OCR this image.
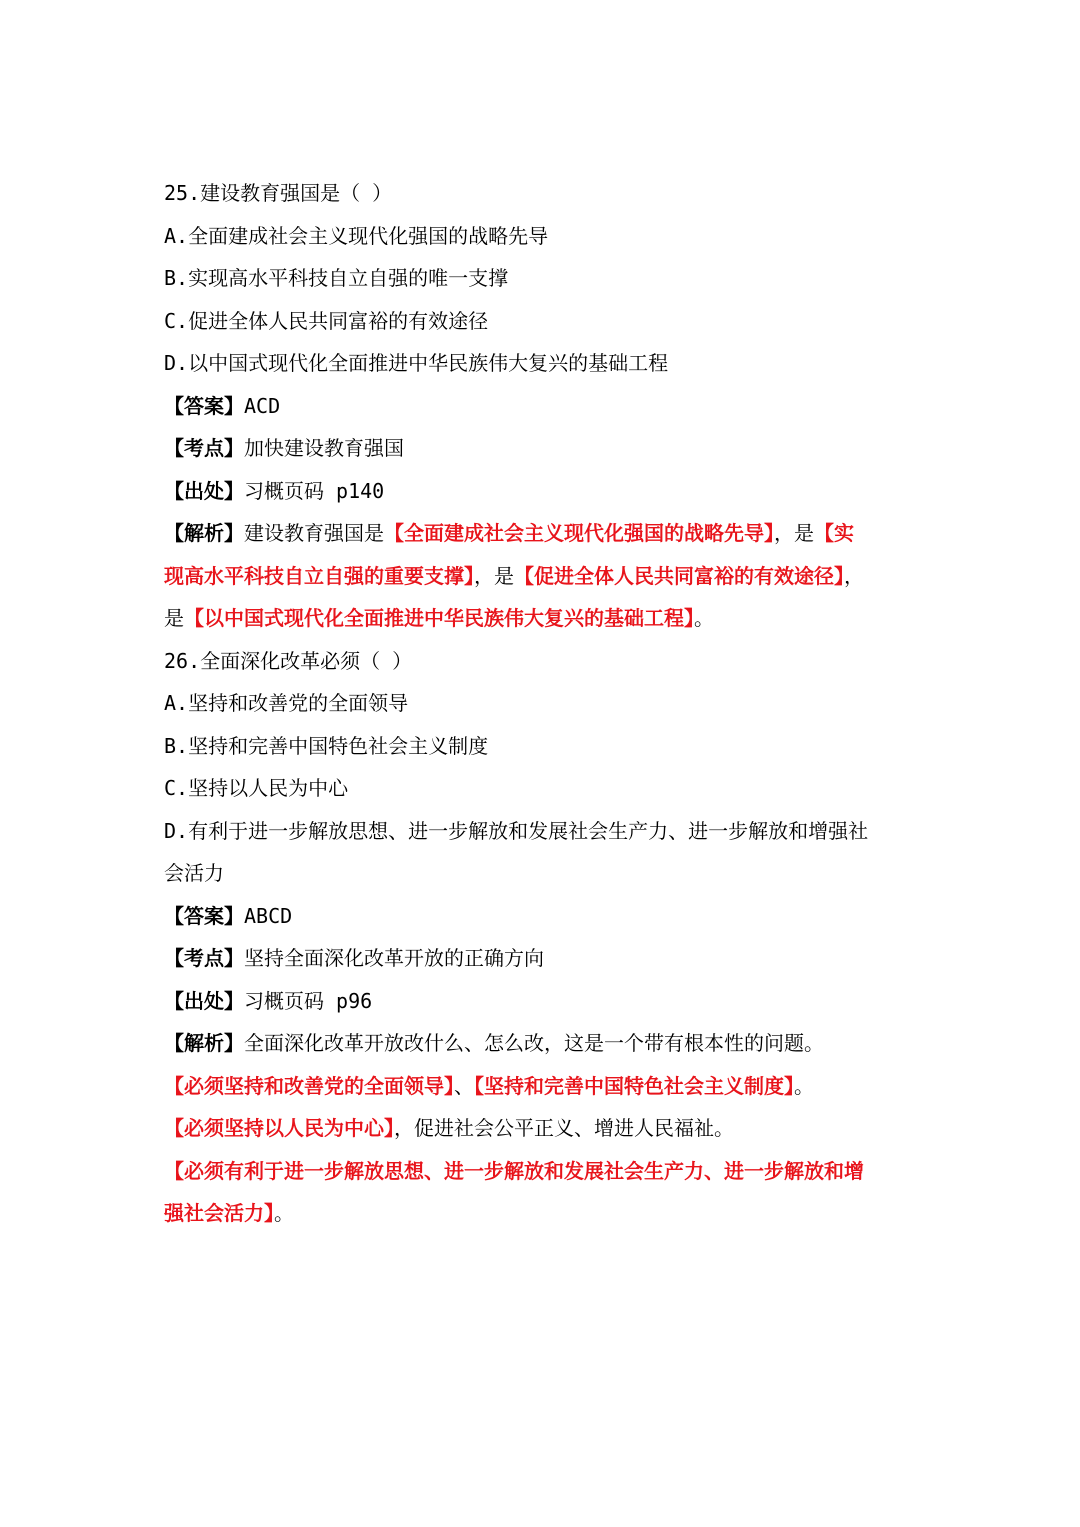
25.建设教育强国是（ ）
A.全面建成社会主义现代化强国的战略先导
B.实现高水平科技自立自强的唯一支撑
C.促进全体人民共同富裕的有效途径
D.以中国式现代化全面推进中华民族伟大复兴的基础工程
【答案】ACD
【考点】加快建设教育强国
【出处】习概页码 p140
【解析】建设教育强国是【全面建成社会主义现代化强国的战略先导】，是【实
现高水平科技自立自强的重要支撑】，是【促进全体人民共同富裕的有效途径】，
是【以中国式现代化全面推进中华民族伟大复兴的基础工程】。
26.全面深化改革必须（ ）
A.坚持和改善党的全面领导
B.坚持和完善中国特色社会主义制度
C.坚持以人民为中心
D.有利于进一步解放思想、进一步解放和发展社会生产力、进一步解放和增强社
会活力
【答案】ABCD
【考点】坚持全面深化改革开放的正确方向
【出处】习概页码 p96
【解析】全面深化改革开放改什么、怎么改，这是一个带有根本性的问题。
【必须坚持和改善党的全面领导】、【坚持和完善中国特色社会主义制度】。
【必须坚持以人民为中心】，促进社会公平正义、增进人民福祉。
【必须有利于进一步解放思想、进一步解放和发展社会生产力、进一步解放和增
强社会活力】。
